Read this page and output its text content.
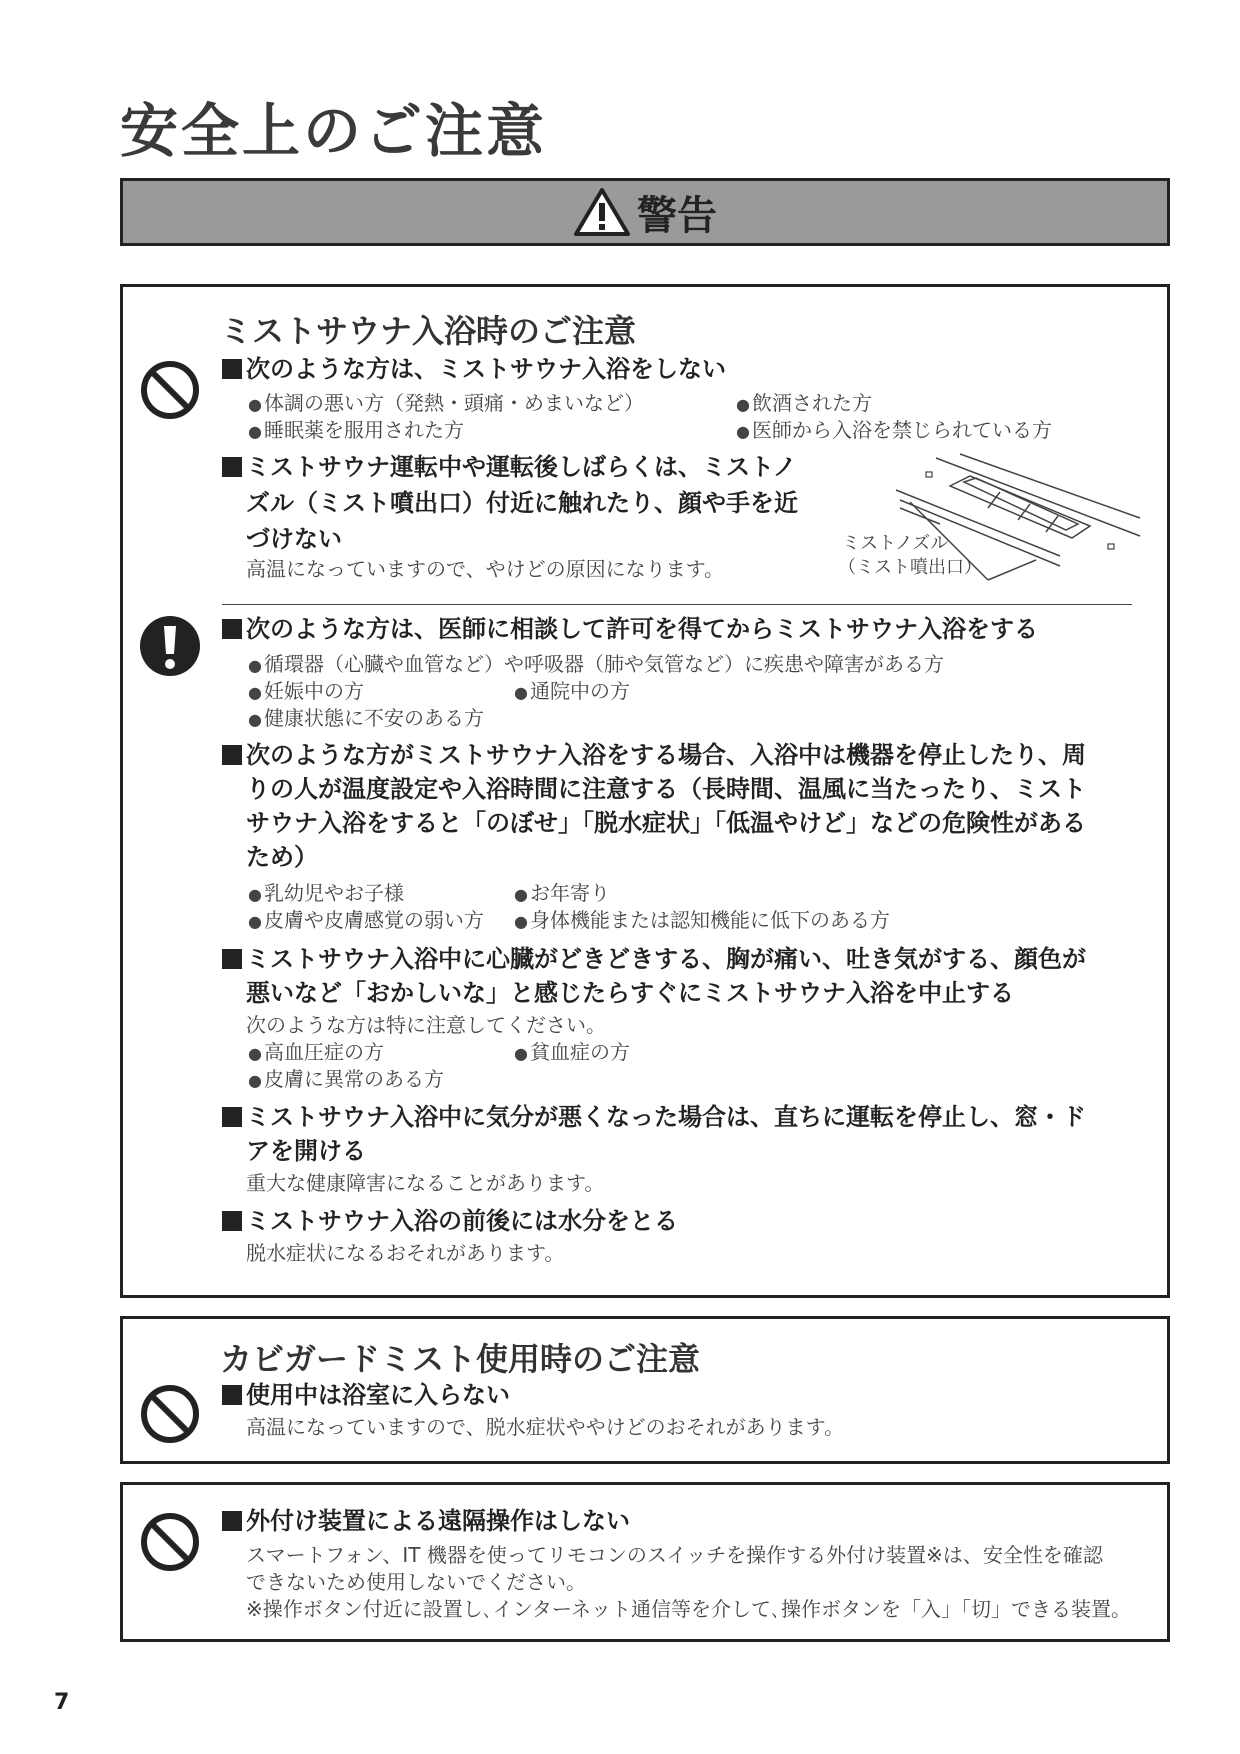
安全上のご注意
警告
ミストサウナ入浴時のご注意
次のような方は、ミストサウナ入浴をしない
● 体調の悪い方（発熱・頭痛・めまいなど）	● 飲酒された方
● 睡眠薬を服用された方	● 医師から入浴を禁じられている方
ミストサウナ運転中や運転後しばらくは、ミストノ
ズル（ミスト噴出口）付近に触れたり、顔や手を近
づけない
高温になっていますので、やけどの原因になります。
ミストノズル
（ミスト噴出口）
次のような方は、医師に相談して許可を得てからミストサウナ入浴をする
● 循環器（心臓や血管など）や呼吸器（肺や気管など）に疾患や障害がある方
● 妊娠中の方	● 通院中の方
● 健康状態に不安のある方
次のような方がミストサウナ入浴をする場合、入浴中は機器を停止したり、周
りの人が温度設定や入浴時間に注意する（長時間、温風に当たったり、ミスト
サウナ入浴をすると「のぼせ」「脱水症状」「低温やけど」などの危険性がある
ため）
● 乳幼児やお子様	● お年寄り
● 皮膚や皮膚感覚の弱い方	● 身体機能または認知機能に低下のある方
ミストサウナ入浴中に心臓がどきどきする、胸が痛い、吐き気がする、顔色が
悪いなど「おかしいな」と感じたらすぐにミストサウナ入浴を中止する
次のような方は特に注意してください。
● 高血圧症の方	● 貧血症の方
● 皮膚に異常のある方
ミストサウナ入浴中に気分が悪くなった場合は、直ちに運転を停止し、窓・ド
アを開ける
重大な健康障害になることがあります。
ミストサウナ入浴の前後には水分をとる
脱水症状になるおそれがあります。
カビガードミスト使用時のご注意
使用中は浴室に入らない
高温になっていますので、脱水症状ややけどのおそれがあります。
外付け装置による遠隔操作はしない
スマートフォン、IT 機器を使ってリモコンのスイッチを操作する外付け装置※は、安全性を確認
できないため使用しないでください。
※操作ボタン付近に設置し､インターネット通信等を介して､操作ボタンを「入」「切」できる装置。
7
